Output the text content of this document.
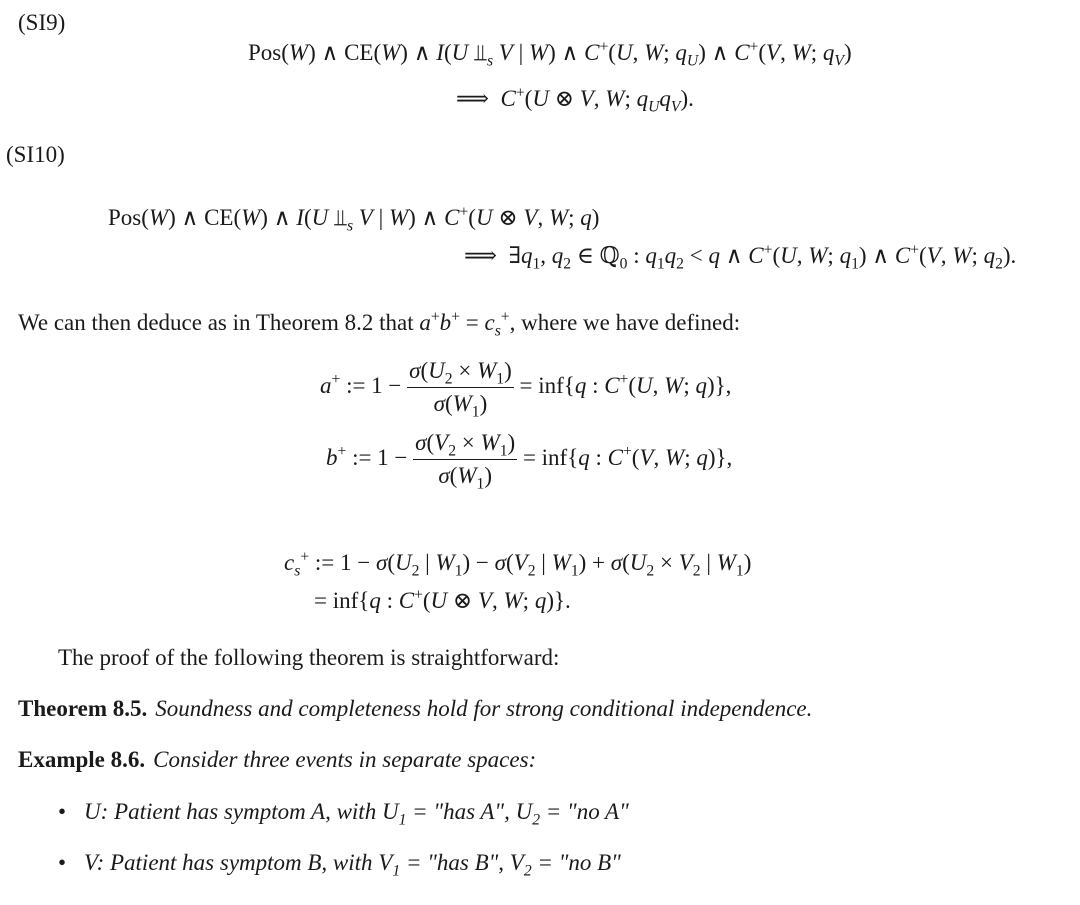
(SI9)
Pos(W) ∧ CE(W) ∧ I(U $⫫_s$ V | W) ∧ C+(U, W; $q_U$) ∧ C+(V, W; $q_V$)
⟹  C+(U ⊗ V, W; $q_Uq_V$).
(SI10)
Pos(W) ∧ CE(W) ∧ I(U $⫫_s$ V | W) ∧ C+(U ⊗ V, W; q)
⟹  $\exists q_1$, $q_2$ ∈ ℚ$_0$ : $q_1q_2 < q$ ∧ C+(U, W; $q_1$) ∧ C+(V, W; $q_2$).
We can then deduce as in Theorem 8.2 that $a^+b^+ = c_s^+$, where we have defined:
a+ := $1 - \frac{\sigma(U_2 \times W_1)}{\sigma(W_1)} = inf\{q$ : C+(U, W; q)},
b+ := $1 - \frac{\sigma(V_2 \times W_1)}{\sigma(W_1)} = inf\{q$ : C+(V, W; q)},
$c_s^+$ := $1 - \sigma(U_2$ | $W_1) - \sigma(V_2$ | $W_1) + \sigma(U_2 \times V_2$ | $W_1$)
= inf{q : C+(U ⊗ V, W; q)}.
The proof of the following theorem is straightforward:
Theorem 8.5. Soundness and completeness hold for strong conditional independence.
Example 8.6. Consider three events in separate spaces:
• U: Patient has symptom A, with $U_1$ = "has A", $U_2$ = "no A"
• V: Patient has symptom B, with $V_1$ = "has B", $V_2$ = "no B"
